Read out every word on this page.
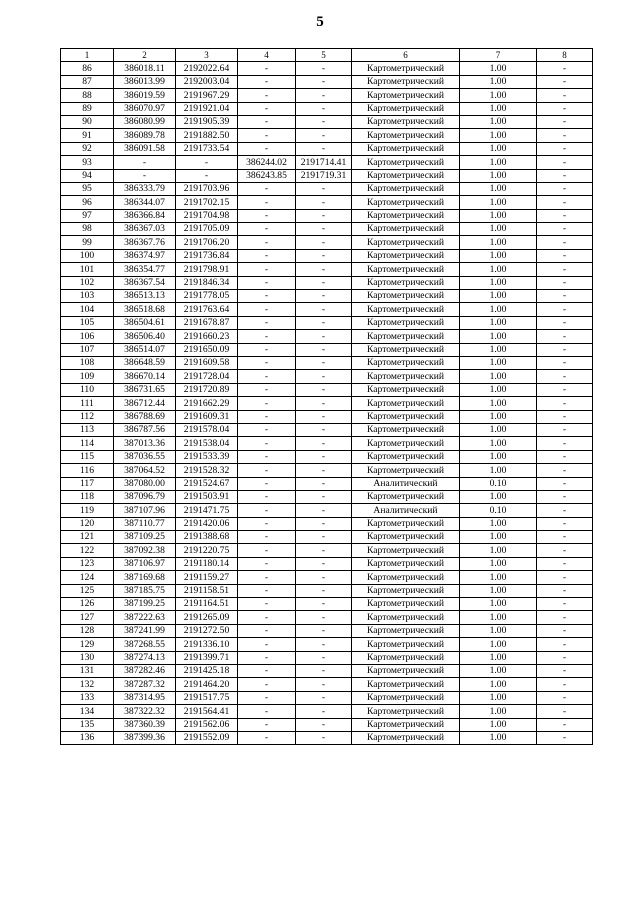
5
1	2	3	4	5	6	7	8
86	386018.11	2192022.64	-	-	Картометрический	1.00	-
87	386013.99	2192003.04	-	-	Картометрический	1.00	-
88	386019.59	2191967.29	-	-	Картометрический	1.00	-
89	386070.97	2191921.04	-	-	Картометрический	1.00	-
90	386080.99	2191905.39	-	-	Картометрический	1.00	-
91	386089.78	2191882.50	-	-	Картометрический	1.00	-
92	386091.58	2191733.54	-	-	Картометрический	1.00	-
93	-	-	386244.02	2191714.41	Картометрический	1.00	-
94	-	-	386243.85	2191719.31	Картометрический	1.00	-
95	386333.79	2191703.96	-	-	Картометрический	1.00	-
96	386344.07	2191702.15	-	-	Картометрический	1.00	-
97	386366.84	2191704.98	-	-	Картометрический	1.00	-
98	386367.03	2191705.09	-	-	Картометрический	1.00	-
99	386367.76	2191706.20	-	-	Картометрический	1.00	-
100	386374.97	2191736.84	-	-	Картометрический	1.00	-
101	386354.77	2191798.91	-	-	Картометрический	1.00	-
102	386367.54	2191846.34	-	-	Картометрический	1.00	-
103	386513.13	2191778.05	-	-	Картометрический	1.00	-
104	386518.68	2191763.64	-	-	Картометрический	1.00	-
105	386504.61	2191678.87	-	-	Картометрический	1.00	-
106	386506.40	2191660.23	-	-	Картометрический	1.00	-
107	386514.07	2191650.09	-	-	Картометрический	1.00	-
108	386648.59	2191609.58	-	-	Картометрический	1.00	-
109	386670.14	2191728.04	-	-	Картометрический	1.00	-
110	386731.65	2191720.89	-	-	Картометрический	1.00	-
111	386712.44	2191662.29	-	-	Картометрический	1.00	-
112	386788.69	2191609.31	-	-	Картометрический	1.00	-
113	386787.56	2191578.04	-	-	Картометрический	1.00	-
114	387013.36	2191538.04	-	-	Картометрический	1.00	-
115	387036.55	2191533.39	-	-	Картометрический	1.00	-
116	387064.52	2191528.32	-	-	Картометрический	1.00	-
117	387080.00	2191524.67	-	-	Аналитический	0.10	-
118	387096.79	2191503.91	-	-	Картометрический	1.00	-
119	387107.96	2191471.75	-	-	Аналитический	0.10	-
120	387110.77	2191420.06	-	-	Картометрический	1.00	-
121	387109.25	2191388.68	-	-	Картометрический	1.00	-
122	387092.38	2191220.75	-	-	Картометрический	1.00	-
123	387106.97	2191180.14	-	-	Картометрический	1.00	-
124	387169.68	2191159.27	-	-	Картометрический	1.00	-
125	387185.75	2191158.51	-	-	Картометрический	1.00	-
126	387199.25	2191164.51	-	-	Картометрический	1.00	-
127	387222.63	2191265.09	-	-	Картометрический	1.00	-
128	387241.99	2191272.50	-	-	Картометрический	1.00	-
129	387268.55	2191336.10	-	-	Картометрический	1.00	-
130	387274.13	2191399.71	-	-	Картометрический	1.00	-
131	387282.46	2191425.18	-	-	Картометрический	1.00	-
132	387287.32	2191464.20	-	-	Картометрический	1.00	-
133	387314.95	2191517.75	-	-	Картометрический	1.00	-
134	387322.32	2191564.41	-	-	Картометрический	1.00	-
135	387360.39	2191562.06	-	-	Картометрический	1.00	-
136	387399.36	2191552.09	-	-	Картометрический	1.00	-
